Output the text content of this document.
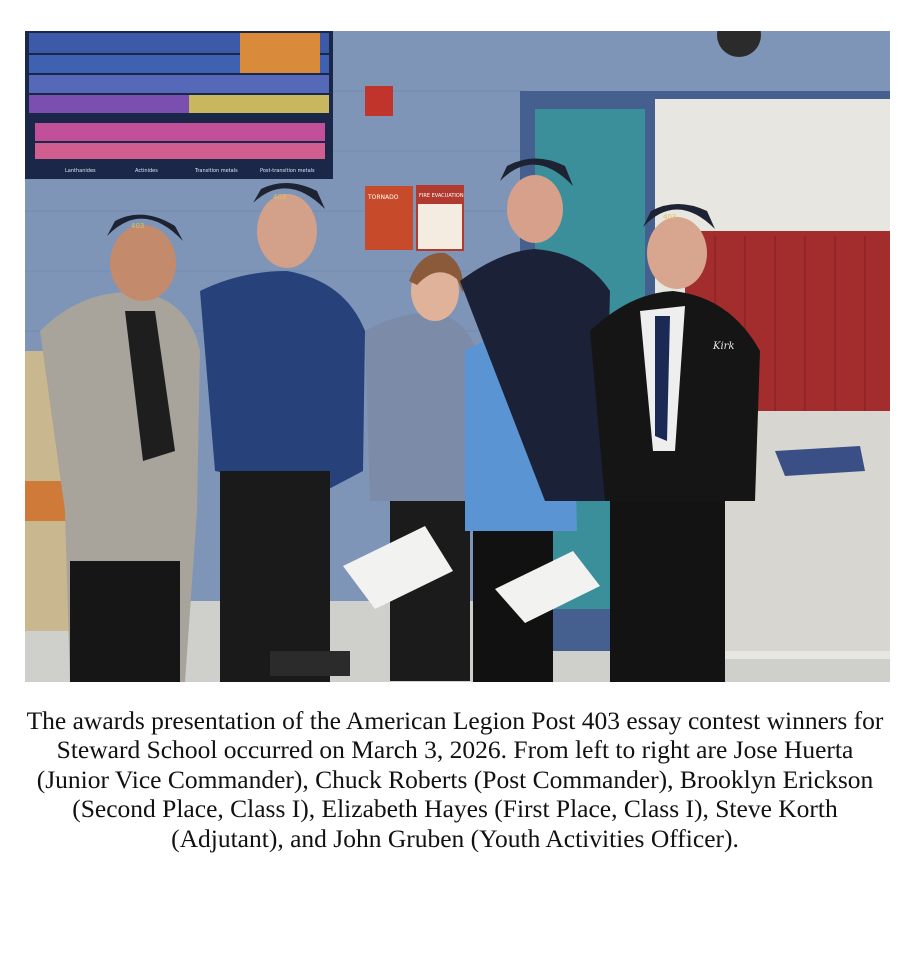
Lanthanides	Actinides	Transition metals	Post-transition metals
TORNADO	FIRE EVACUATION
403
403
403
Kirk

The awards presentation of the American Legion Post 403 essay contest winners for Steward School occurred on March 3, 2026. From left to right are Jose Huerta (Junior Vice Commander), Chuck Roberts (Post Commander), Brooklyn Erickson (Second Place, Class I), Elizabeth Hayes (First Place, Class I), Steve Korth (Adjutant), and John Gruben (Youth Activities Officer).
